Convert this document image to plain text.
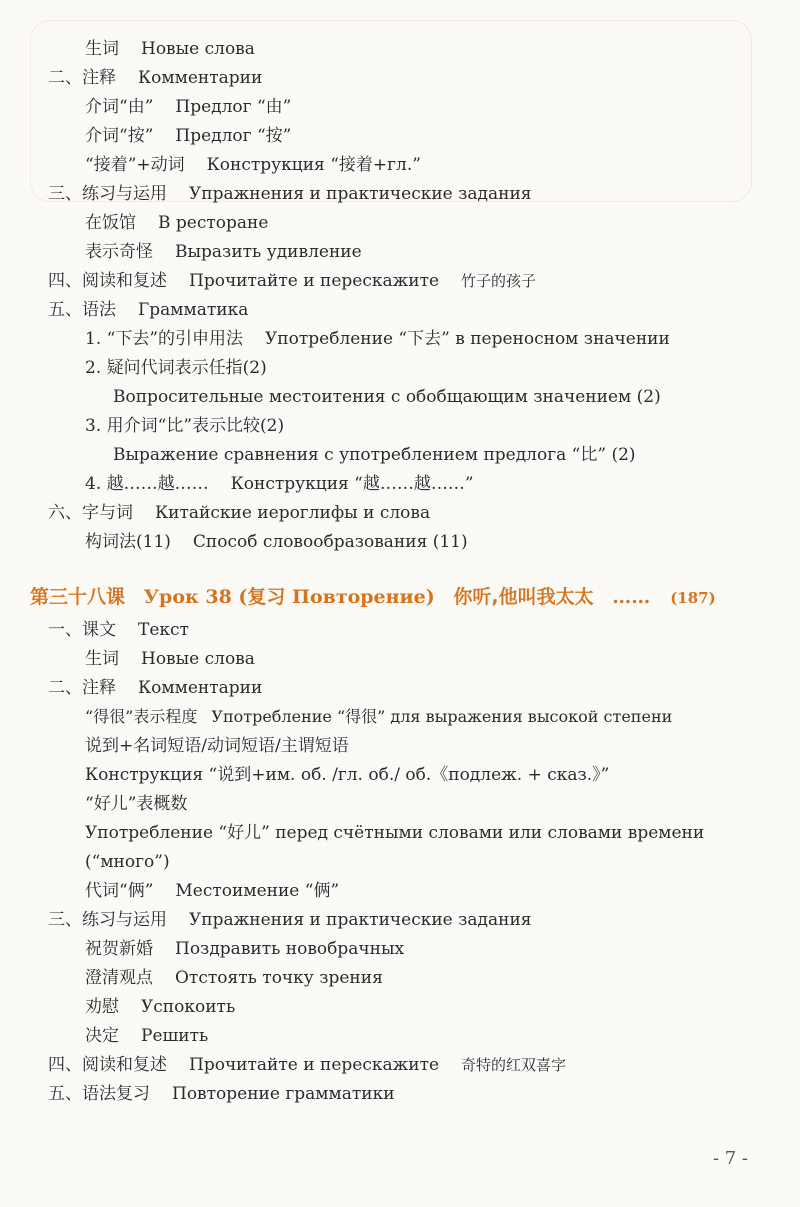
生词 Новые слова
二、注释 Комментарии
介词“由” Предлог “由”
介词“按” Предлог “按”
“接着”+动词 Конструкция “接着+гл.”
三、练习与运用 Упражнения и практические задания
在饭馆 В ресторане
表示奇怪 Выразить удивление
四、阅读和复述 Прочитайте и перескажите 竹子的孩子
五、语法 Грамматика
1. “下去”的引申用法 Употребление “下去” в переносном значении
2. 疑问代词表示任指(2)
Вопросительные местоитения с обобщающим значением (2)
3. 用介词“比”表示比较(2)
Выражение сравнения с употреблением предлога “比” (2)
4. 越……越…… Конструкция “越……越……”
六、字与词 Китайские иероглифы и слова
构词法(11) Способ словообразования (11)
第三十八课 Урок 38 (复习 Повторение) 你听,他叫我太太 …… (187)
一、课文 Текст
生词 Новые слова
二、注释 Комментарии
“得很”表示程度 Употребление “得很” для выражения высокой степени
说到+名词短语/动词短语/主谓短语
Конструкция “说到+им. об. /гл. об./ об.《подлеж. + сказ.》”
“好儿”表概数
Употребление “好儿” перед счётными словами или словами времени
(“много”)
代词“俩” Местоимение “俩”
三、练习与运用 Упражнения и практические задания
祝贺新婚 Поздравить новобрачных
澄清观点 Отстоять точку зрения
劝慰 Успокоить
决定 Решить
四、阅读和复述 Прочитайте и перескажите 奇特的红双喜字
五、语法复习 Повторение грамматики
- 7 -
